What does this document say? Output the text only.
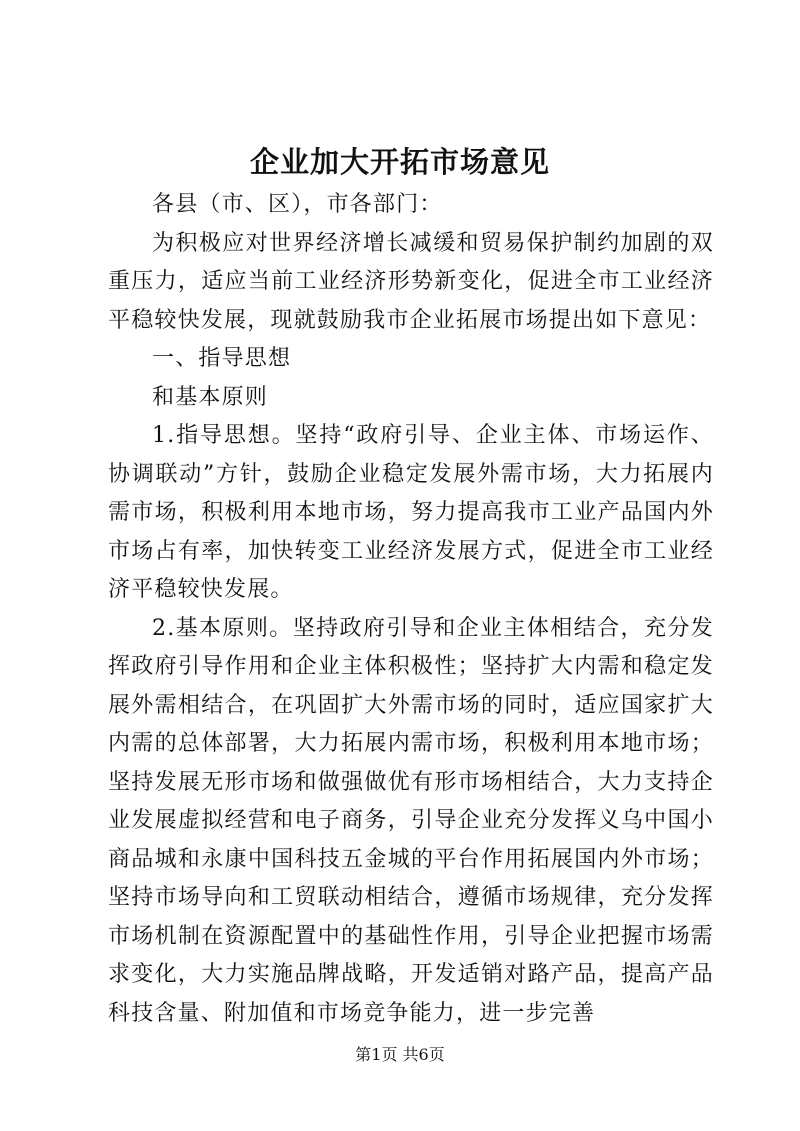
企业加大开拓市场意见

各县（市、区），市各部门：

为积极应对世界经济增长减缓和贸易保护制约加剧的双重压力，适应当前工业经济形势新变化，促进全市工业经济平稳较快发展，现就鼓励我市企业拓展市场提出如下意见：

一、指导思想

和基本原则

1.指导思想。坚持“政府引导、企业主体、市场运作、协调联动”方针，鼓励企业稳定发展外需市场，大力拓展内需市场，积极利用本地市场，努力提高我市工业产品国内外市场占有率，加快转变工业经济发展方式，促进全市工业经济平稳较快发展。

2.基本原则。坚持政府引导和企业主体相结合，充分发挥政府引导作用和企业主体积极性；坚持扩大内需和稳定发展外需相结合，在巩固扩大外需市场的同时，适应国家扩大内需的总体部署，大力拓展内需市场，积极利用本地市场；坚持发展无形市场和做强做优有形市场相结合，大力支持企业发展虚拟经营和电子商务，引导企业充分发挥义乌中国小商品城和永康中国科技五金城的平台作用拓展国内外市场；坚持市场导向和工贸联动相结合，遵循市场规律，充分发挥市场机制在资源配置中的基础性作用，引导企业把握市场需求变化，大力实施品牌战略，开发适销对路产品，提高产品科技含量、附加值和市场竞争能力，进一步完善

第1页 共6页
